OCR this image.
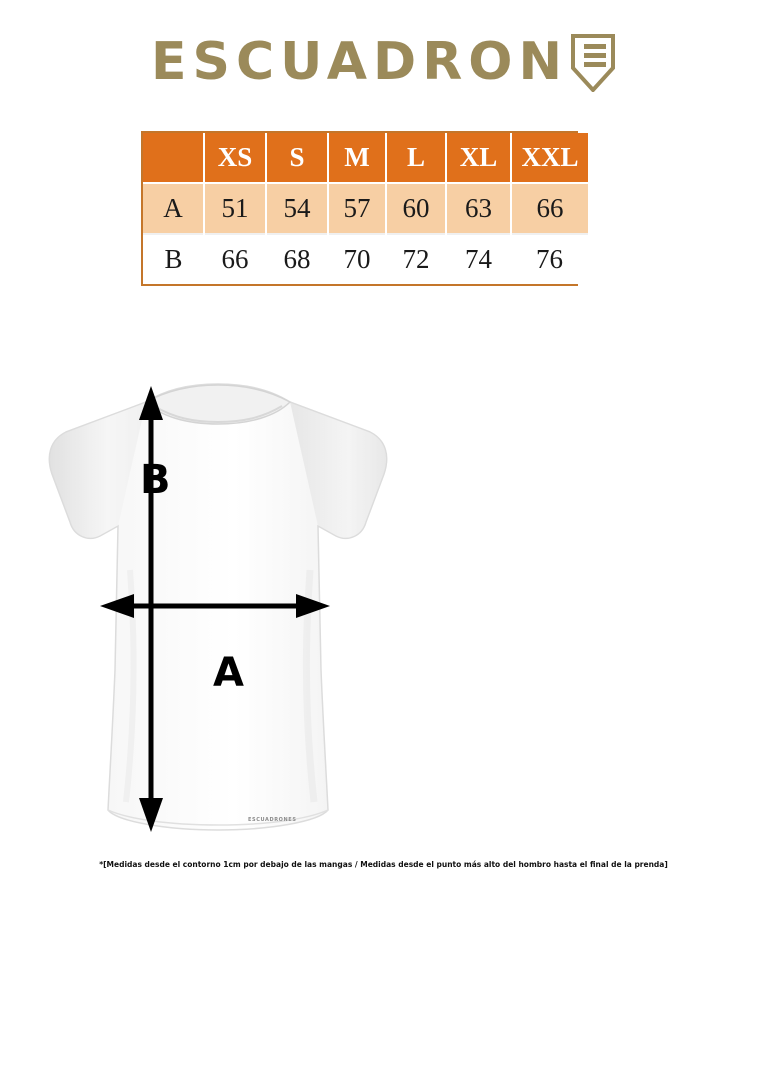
ESCUADRON
	XS	S	M	L	XL	XXL
A	51	54	57	60	63	66
B	66	68	70	72	74	76
B
A
ESCUADRONES
*[Medidas desde el contorno 1cm por debajo de las mangas / Medidas desde el punto más alto del hombro hasta el final de la prenda]
